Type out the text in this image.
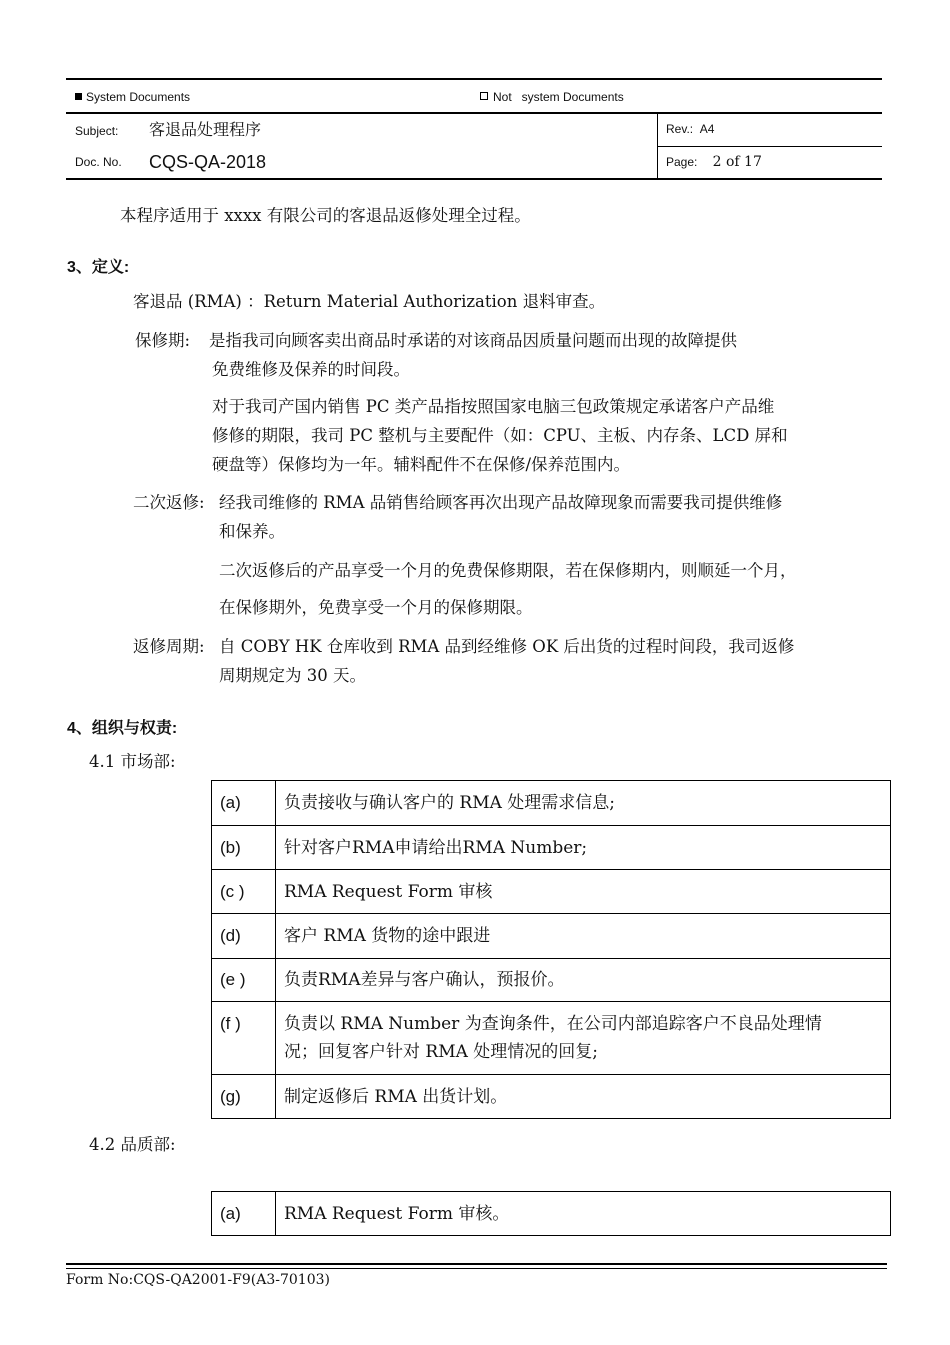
System Documents	Not   system Documents
Subject: 客退品处理程序	Rev.: A4
Doc. No. CQS-QA-2018	Page: 2 of 17
本程序适用于 xxxx 有限公司的客退品返修处理全过程。
3、定义:
客退品 (RMA) ：Return Material Authorization 退料审查。
保修期: 是指我司向顾客卖出商品时承诺的对该商品因质量问题而出现的故障提供
免费维修及保养的时间段。
对于我司产国内销售 PC 类产品指按照国家电脑三包政策规定承诺客户产品维
修修的期限，我司 PC 整机与主要配件（如：CPU、主板、内存条、LCD 屏和
硬盘等）保修均为一年。辅料配件不在保修/保养范围内。
二次返修: 经我司维修的 RMA 品销售给顾客再次出现产品故障现象而需要我司提供维修
和保养。
二次返修后的产品享受一个月的免费保修期限，若在保修期内，则顺延一个月，
在保修期外，免费享受一个月的保修期限。
返修周期: 自 COBY HK 仓库收到 RMA 品到经维修 OK 后出货的过程时间段，我司返修
周期规定为 30 天。
4、组织与权责:
4.1 市场部:
(a)	负责接收与确认客户的 RMA 处理需求信息;
(b)	针对客户RMA申请给出RMA Number;
(c )	RMA Request Form 审核
(d)	客户 RMA 货物的途中跟进
(e )	负责RMA差异与客户确认，预报价。
(f )	负责以 RMA Number 为查询条件，在公司内部追踪客户不良品处理情
况；回复客户针对 RMA 处理情况的回复;

(g)	制定返修后 RMA 出货计划。
4.2 品质部:
(a)	RMA Request Form 审核。
Form No:CQS-QA2001-F9(A3-70103)
